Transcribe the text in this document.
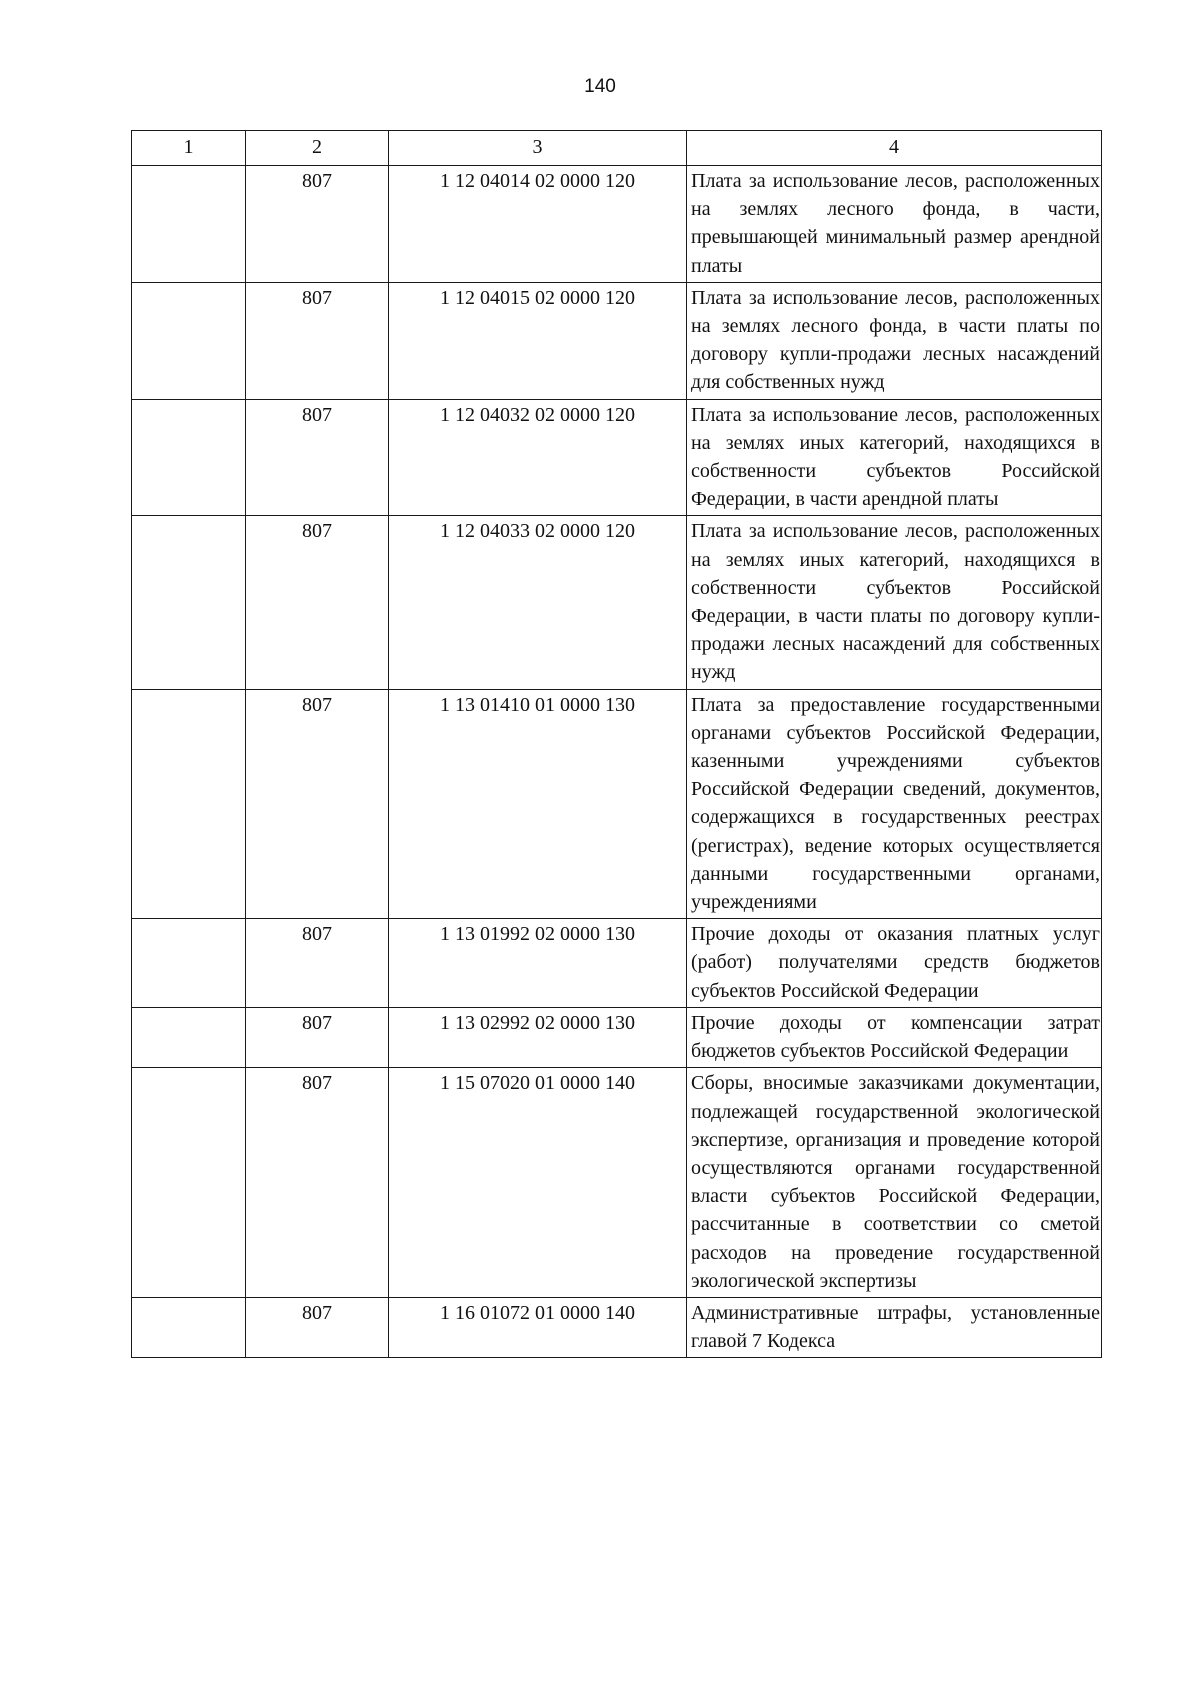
140
1	2	3	4
	807	1 12 04014 02 0000 120	Плата за использование лесов, расположенных на землях лесного фонда, в части, превышающей минимальный размер арендной платы
	807	1 12 04015 02 0000 120	Плата за использование лесов, расположенных на землях лесного фонда, в части платы по договору купли-продажи лесных насаждений для собственных нужд
	807	1 12 04032 02 0000 120	Плата за использование лесов, расположенных на землях иных категорий, находящихся в собственности субъектов Российской Федерации, в части арендной платы
	807	1 12 04033 02 0000 120	Плата за использование лесов, расположенных на землях иных категорий, находящихся в собственности субъектов Российской Федерации, в части платы по договору купли-продажи лесных насаждений для собственных нужд
	807	1 13 01410 01 0000 130	Плата за предоставление государственными органами субъектов Российской Федерации, казенными учреждениями субъектов Российской Федерации сведений, документов, содержащихся в государственных реестрах (регистрах), ведение которых осуществляется данными государственными органами, учреждениями
	807	1 13 01992 02 0000 130	Прочие доходы от оказания платных услуг (работ) получателями средств бюджетов субъектов Российской Федерации
	807	1 13 02992 02 0000 130	Прочие доходы от компенсации затрат бюджетов субъектов Российской Федерации
	807	1 15 07020 01 0000 140	Сборы, вносимые заказчиками документации, подлежащей государственной экологической экспертизе, организация и проведение которой осуществляются органами государственной власти субъектов Российской Федерации, рассчитанные в соответствии со сметой расходов на проведение государственной экологической экспертизы
	807	1 16 01072 01 0000 140	Административные штрафы, установленные главой 7 Кодекса
